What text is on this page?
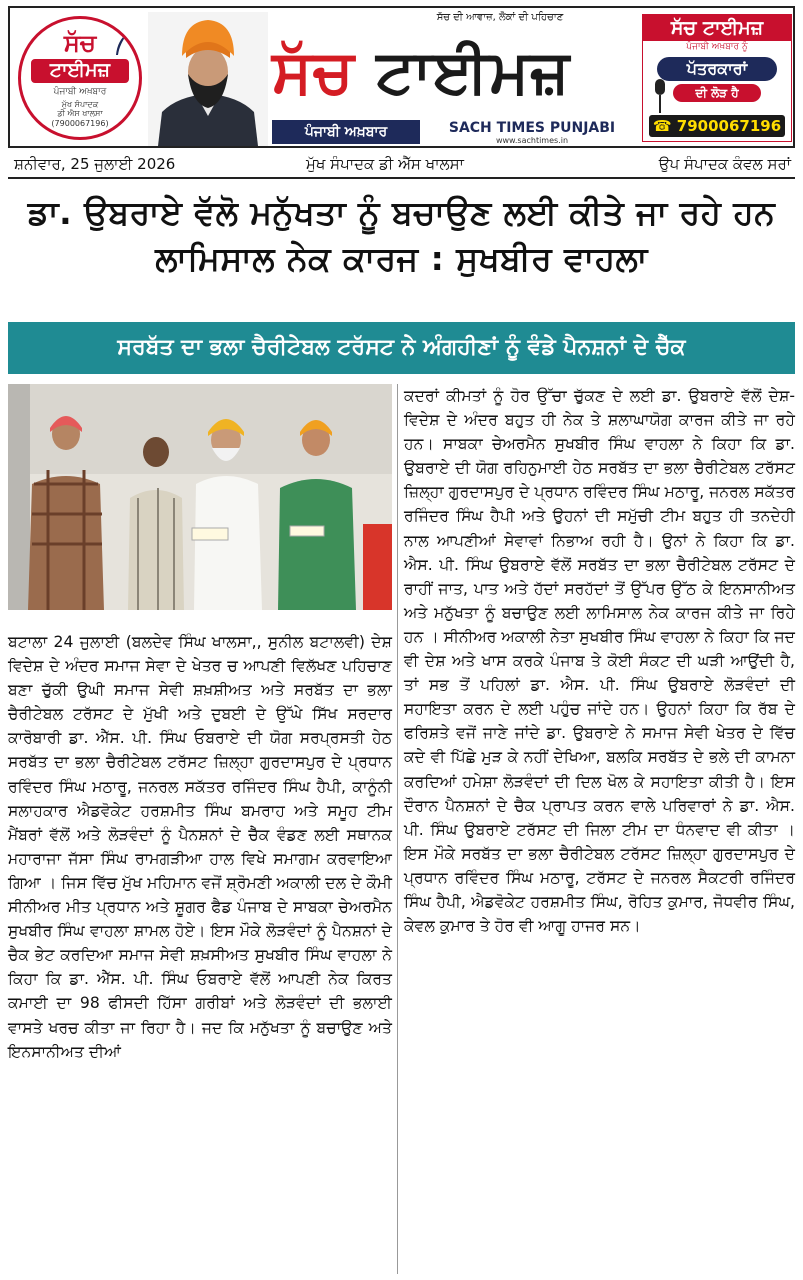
ਸੱਚ
ਟਾਈਮਜ਼
ਪੰਜਾਬੀ ਅਖ਼ਬਾਰ
ਮੁੱਖ ਸੰਪਾਦਕ
ਡੀ ਐਸ ਖਾਲਸਾ
(7900067196)
ਸੱਚ ਦੀ ਆਵਾਜ਼, ਲੋਕਾਂ ਦੀ ਪਹਿਚਾਣ
ਸੱਚ ਟਾਈਮਜ਼
ਪੰਜਾਬੀ ਅਖ਼ਬਾਰ	SACH TIMES PUNJABI
www.sachtimes.in
ਸੱਚ ਟਾਈਮਜ਼
ਪੰਜਾਬੀ ਅਖ਼ਬਾਰ ਨੂੰ
ਪੱਤਰਕਾਰਾਂ
ਦੀ ਲੋੜ ਹੈ
☎ 7900067196
ਸ਼ਨੀਵਾਰ, 25 ਜੁਲਾਈ 2026	ਮੁੱਖ ਸੰਪਾਦਕ ਡੀ ਐੱਸ ਖਾਲਸਾ	ਉਪ ਸੰਪਾਦਕ ਕੰਵਲ ਸਰਾਂ
ਡਾ. ਉਬਰਾਏ ਵੱਲੋ ਮਨੁੱਖਤਾ ਨੂੰ ਬਚਾਉਣ ਲਈ ਕੀਤੇ ਜਾ ਰਹੇ ਹਨ ਲਾਮਿਸਾਲ ਨੇਕ ਕਾਰਜ : ਸੁਖਬੀਰ ਵਾਹਲਾ
ਸਰਬੱਤ ਦਾ ਭਲਾ ਚੈਰੀਟੇਬਲ ਟਰੱਸਟ ਨੇ ਅੰਗਹੀਣਾਂ ਨੂੰ ਵੰਡੇ ਪੈਨਸ਼ਨਾਂ ਦੇ ਚੈੱਕ

ਬਟਾਲਾ 24 ਜੁਲਾਈ (ਬਲਦੇਵ ਸਿੰਘ ਖਾਲਸਾ,, ਸੁਨੀਲ ਬਟਾਲਵੀ) ਦੇਸ਼ ਵਿਦੇਸ਼ ਦੇ ਅੰਦਰ ਸਮਾਜ ਸੇਵਾ ਦੇ ਖੇਤਰ ਚ ਆਪਣੀ ਵਿਲੱਖਣ ਪਹਿਚਾਣ ਬਣਾ ਚੁੱਕੀ ਉਘੀ ਸਮਾਜ ਸੇਵੀ ਸ਼ਖ਼ਸ਼ੀਅਤ ਅਤੇ ਸਰਬੱਤ ਦਾ ਭਲਾ ਚੈਰੀਟੇਬਲ ਟਰੱਸਟ ਦੇ ਮੁੱਖੀ ਅਤੇ ਦੁਬਈ ਦੇ ਉੱਘੇ ਸਿੱਖ ਸਰਦਾਰ ਕਾਰੋਬਾਰੀ ਡਾ. ਐੱਸ. ਪੀ. ਸਿੰਘ ਓਬਰਾਏ ਦੀ ਯੋਗ ਸਰਪ੍ਰਸਤੀ ਹੇਠ ਸਰਬੱਤ ਦਾ ਭਲਾ ਚੈਰੀਟੇਬਲ ਟਰੱਸਟ ਜ਼ਿਲ੍ਹਾ ਗੁਰਦਾਸਪੁਰ ਦੇ ਪ੍ਰਧਾਨ ਰਵਿੰਦਰ ਸਿੰਘ ਮਠਾਰੂ, ਜਨਰਲ ਸਕੱਤਰ ਰਜਿੰਦਰ ਸਿੰਘ ਹੈਪੀ, ਕਾਨੂੰਨੀ ਸਲਾਹਕਾਰ ਐਡਵੋਕੇਟ ਹਰਸ਼ਮੀਤ ਸਿੰਘ ਬਮਰਾਹ ਅਤੇ ਸਮੂਹ ਟੀਮ ਮੈਂਬਰਾਂ ਵੱਲੋਂ ਅਤੇ ਲੋੜਵੰਦਾਂ ਨੂੰ ਪੈਨਸ਼ਨਾਂ ਦੇ ਚੈੱਕ ਵੰਡਣ ਲਈ ਸਥਾਨਕ ਮਹਾਰਾਜਾ ਜੱਸਾ ਸਿੰਘ ਰਾਮਗੜੀਆ ਹਾਲ ਵਿਖੇ ਸਮਾਗਮ ਕਰਵਾਇਆ ਗਿਆ । ਜਿਸ ਵਿੱਚ ਮੁੱਖ ਮਹਿਮਾਨ ਵਜੋਂ ਸ਼੍ਰੋਮਣੀ ਅਕਾਲੀ ਦਲ ਦੇ ਕੌਮੀ ਸੀਨੀਅਰ ਮੀਤ ਪ੍ਰਧਾਨ ਅਤੇ ਸ਼ੂਗਰ ਫੈਡ ਪੰਜਾਬ ਦੇ ਸਾਬਕਾ ਚੇਅਰਮੈਨ ਸੁਖਬੀਰ ਸਿੰਘ ਵਾਹਲਾ ਸ਼ਾਮਲ ਹੋਏ। ਇਸ ਮੌਕੇ ਲੋੜਵੰਦਾਂ ਨੂੰ ਪੈਨਸ਼ਨਾਂ ਦੇ ਚੈਕ ਭੇਟ ਕਰਦਿਆ ਸਮਾਜ ਸੇਵੀ ਸ਼ਖ਼ਸੀਅਤ ਸੁਖਬੀਰ ਸਿੰਘ ਵਾਹਲਾ ਨੇ ਕਿਹਾ ਕਿ ਡਾ. ਐੱਸ. ਪੀ. ਸਿੰਘ ਓਬਰਾਏ ਵੱਲੋਂ ਆਪਣੀ ਨੇਕ ਕਿਰਤ ਕਮਾਈ ਦਾ 98 ਫੀਸਦੀ ਹਿੱਸਾ ਗਰੀਬਾਂ ਅਤੇ ਲੋੜਵੰਦਾਂ ਦੀ ਭਲਾਈ ਵਾਸਤੇ ਖਰਚ ਕੀਤਾ ਜਾ ਰਿਹਾ ਹੈ। ਜਦ ਕਿ ਮਨੁੱਖਤਾ ਨੂੰ ਬਚਾਉਣ ਅਤੇ ਇਨਸਾਨੀਅਤ ਦੀਆਂ

ਕਦਰਾਂ ਕੀਮਤਾਂ ਨੂੰ ਹੋਰ ਉੱਚਾ ਚੁੱਕਣ ਦੇ ਲਈ ਡਾ. ਉਬਰਾਏ ਵੱਲੋਂ ਦੇਸ਼-ਵਿਦੇਸ਼ ਦੇ ਅੰਦਰ ਬਹੁਤ ਹੀ ਨੇਕ ਤੇ ਸ਼ਲਾਘਾਯੋਗ ਕਾਰਜ ਕੀਤੇ ਜਾ ਰਹੇ ਹਨ। ਸਾਬਕਾ ਚੇਅਰਮੈਨ ਸੁਖਬੀਰ ਸਿੰਘ ਵਾਹਲਾ ਨੇ ਕਿਹਾ ਕਿ ਡਾ. ਉਬਰਾਏ ਦੀ ਯੋਗ ਰਹਿਨੁਮਾਈ ਹੇਠ ਸਰਬੱਤ ਦਾ ਭਲਾ ਚੈਰੀਟੇਬਲ ਟਰੱਸਟ ਜ਼ਿਲ੍ਹਾ ਗੁਰਦਾਸਪੁਰ ਦੇ ਪ੍ਰਧਾਨ ਰਵਿੰਦਰ ਸਿੰਘ ਮਠਾਰੂ, ਜਨਰਲ ਸਕੱਤਰ ਰਜਿੰਦਰ ਸਿੰਘ ਹੈਪੀ ਅਤੇ ਉਹਨਾਂ ਦੀ ਸਮੁੱਚੀ ਟੀਮ ਬਹੁਤ ਹੀ ਤਨਦੇਹੀ ਨਾਲ ਆਪਣੀਆਂ ਸੇਵਾਵਾਂ ਨਿਭਾਅ ਰਹੀ ਹੈ। ਉਨਾਂ ਨੇ ਕਿਹਾ ਕਿ ਡਾ. ਐਸ. ਪੀ. ਸਿੰਘ ਉਬਰਾਏ ਵੱਲੋਂ ਸਰਬੱਤ ਦਾ ਭਲਾ ਚੈਰੀਟੇਬਲ ਟਰੱਸਟ ਦੇ ਰਾਹੀਂ ਜਾਤ, ਪਾਤ ਅਤੇ ਹੱਦਾਂ ਸਰਹੱਦਾਂ ਤੋਂ ਉੱਪਰ ਉੱਠ ਕੇ ਇਨਸਾਨੀਅਤ ਅਤੇ ਮਨੁੱਖਤਾ ਨੂੰ ਬਚਾਉਣ ਲਈ ਲਾਮਿਸਾਲ ਨੇਕ ਕਾਰਜ ਕੀਤੇ ਜਾ ਰਿਹੇ ਹਨ । ਸੀਨੀਅਰ ਅਕਾਲੀ ਨੇਤਾ ਸੁਖਬੀਰ ਸਿੰਘ ਵਾਹਲਾ ਨੇ ਕਿਹਾ ਕਿ ਜਦ ਵੀ ਦੇਸ਼ ਅਤੇ ਖਾਸ ਕਰਕੇ ਪੰਜਾਬ ਤੇ ਕੋਈ ਸੰਕਟ ਦੀ ਘੜੀ ਆਉਂਦੀ ਹੈ, ਤਾਂ ਸਭ ਤੋਂ ਪਹਿਲਾਂ ਡਾ. ਐਸ. ਪੀ. ਸਿੰਘ ਉਬਰਾਏ ਲੋੜਵੰਦਾਂ ਦੀ ਸਹਾਇਤਾ ਕਰਨ ਦੇ ਲਈ ਪਹੁੰਚ ਜਾਂਦੇ ਹਨ। ਉਹਨਾਂ ਕਿਹਾ ਕਿ ਰੱਬ ਦੇ ਫਰਿਸ਼ਤੇ ਵਜੋਂ ਜਾਣੇ ਜਾਂਦੇ ਡਾ. ਉਬਰਾਏ ਨੇ ਸਮਾਜ ਸੇਵੀ ਖੇਤਰ ਦੇ ਵਿੱਚ ਕਦੇ ਵੀ ਪਿੱਛੇ ਮੁੜ ਕੇ ਨਹੀਂ ਦੇਖਿਆ, ਬਲਕਿ ਸਰਬੱਤ ਦੇ ਭਲੇ ਦੀ ਕਾਮਨਾ ਕਰਦਿਆਂ ਹਮੇਸ਼ਾ ਲੋੜਵੰਦਾਂ ਦੀ ਦਿਲ ਖੋਲ ਕੇ ਸਹਾਇਤਾ ਕੀਤੀ ਹੈ। ਇਸ ਦੌਰਾਨ ਪੈਨਸ਼ਨਾਂ ਦੇ ਚੈਕ ਪ੍ਰਾਪਤ ਕਰਨ ਵਾਲੇ ਪਰਿਵਾਰਾਂ ਨੇ ਡਾ. ਐਸ. ਪੀ. ਸਿੰਘ ਉਬਰਾਏ ਟਰੱਸਟ ਦੀ ਜਿਲਾ ਟੀਮ ਦਾ ਧੰਨਵਾਦ ਵੀ ਕੀਤਾ । ਇਸ ਮੌਕੇ ਸਰਬੱਤ ਦਾ ਭਲਾ ਚੈਰੀਟੇਬਲ ਟਰੱਸਟ ਜ਼ਿਲ੍ਹਾ ਗੁਰਦਾਸਪੁਰ ਦੇ ਪ੍ਰਧਾਨ ਰਵਿੰਦਰ ਸਿੰਘ ਮਠਾਰੂ, ਟਰੱਸਟ ਦੇ ਜਨਰਲ ਸੈਕਟਰੀ ਰਜਿੰਦਰ ਸਿੰਘ ਹੈਪੀ, ਐਡਵੋਕੇਟ ਹਰਸ਼ਮੀਤ ਸਿੰਘ, ਰੋਹਿਤ ਕੁਮਾਰ, ਜੋਧਵੀਰ ਸਿੰਘ, ਕੇਵਲ ਕੁਮਾਰ ਤੇ ਹੋਰ ਵੀ ਆਗੂ ਹਾਜਰ ਸਨ।
